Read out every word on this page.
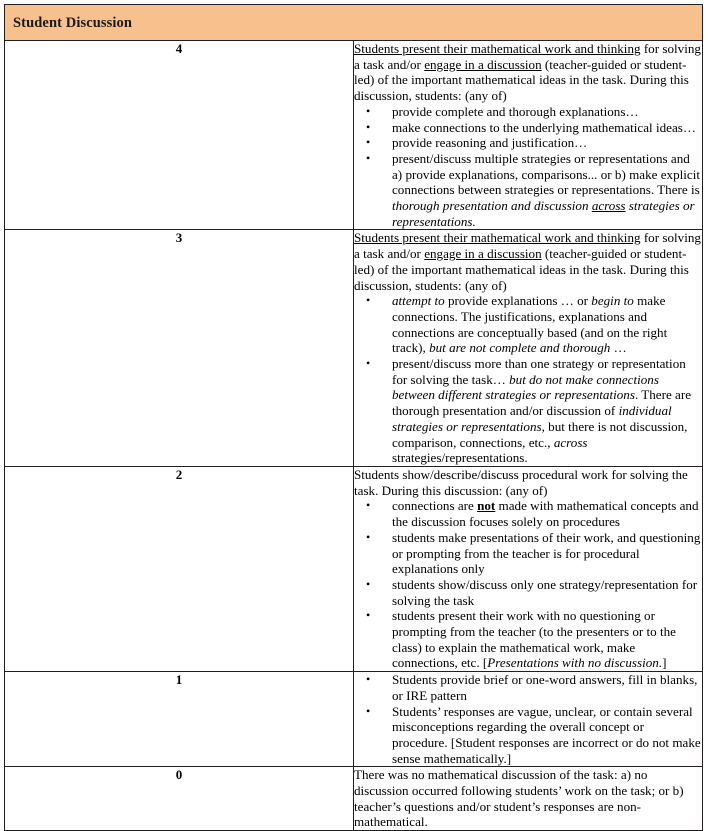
Student Discussion	
4	Students present their mathematical work and thinking for solving a task and/or engage in a discussion (teacher-guided or student-led) of the important mathematical ideas in the task. During this discussion, students: (any of)

• provide complete and thorough explanations…
• make connections to the underlying mathematical ideas…
• provide reasoning and justification…
• present/discuss multiple strategies or representations and a) provide explanations, comparisons... or b) make explicit connections between strategies or representations. There is thorough presentation and discussion across strategies or representations.

3	Students present their mathematical work and thinking for solving a task and/or engage in a discussion (teacher-guided or student-led) of the important mathematical ideas in the task. During this discussion, students: (any of)

• attempt to provide explanations … or begin to make connections. The justifications, explanations and connections are conceptually based (and on the right track), but are not complete and thorough …
• present/discuss more than one strategy or representation for solving the task… but do not make connections between different strategies or representations. There are thorough presentation and/or discussion of individual strategies or representations, but there is not discussion, comparison, connections, etc., across strategies/representations.

2	Students show/describe/discuss procedural work for solving the task. During this discussion: (any of)

• connections are not made with mathematical concepts and the discussion focuses solely on procedures
• students make presentations of their work, and questioning or prompting from the teacher is for procedural explanations only
• students show/discuss only one strategy/representation for solving the task
• students present their work with no questioning or prompting from the teacher (to the presenters or to the class) to explain the mathematical work, make connections, etc. [Presentations with no discussion.]

1	• Students provide brief or one-word answers, fill in blanks, or IRE pattern
• Students’ responses are vague, unclear, or contain several misconceptions regarding the overall concept or procedure. [Student responses are incorrect or do not make sense mathematically.]

0	There was no mathematical discussion of the task: a) no discussion occurred following students’ work on the task; or b) teacher’s questions and/or student’s responses are non-mathematical.
